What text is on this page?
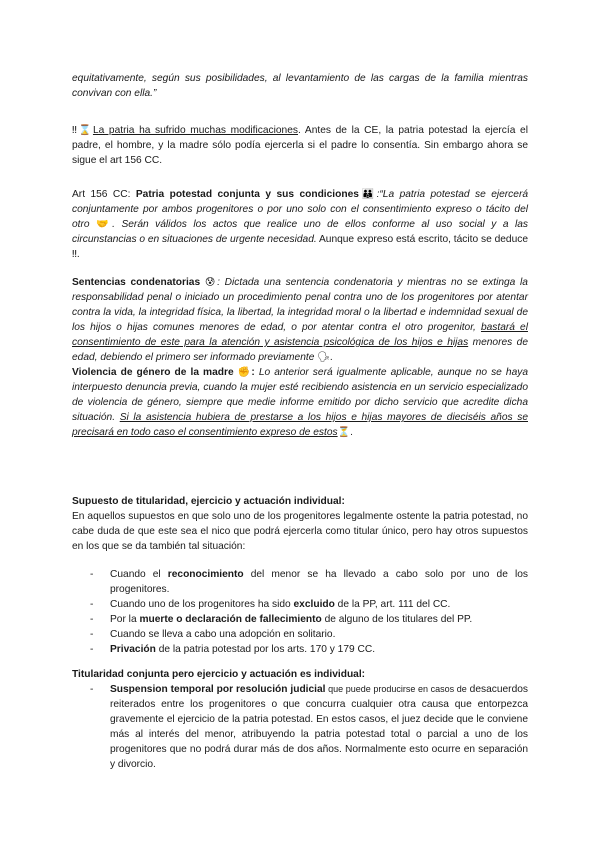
equitativamente, según sus posibilidades, al levantamiento de las cargas de la familia mientras convivan con ella.”

‼⌛La patria ha sufrido muchas modificaciones. Antes de la CE, la patria potestad la ejercía el padre, el hombre, y la madre sólo podía ejercerla si el padre lo consentía. Sin embargo ahora se sigue el art 156 CC.

Art 156 CC: Patria potestad conjunta y sus condiciones👪:“La patria potestad se ejercerá conjuntamente por ambos progenitores o por uno solo con el consentimiento expreso o tácito del otro 🤝. Serán válidos los actos que realice uno de ellos conforme al uso social y a las circunstancias o en situaciones de urgente necesidad. Aunque expreso está escrito, tácito se deduce ‼.

Sentencias condenatorias 😰: Dictada una sentencia condenatoria y mientras no se extinga la responsabilidad penal o iniciado un procedimiento penal contra uno de los progenitores por atentar contra la vida, la integridad física, la libertad, la integridad moral o la libertad e indemnidad sexual de los hijos o hijas comunes menores de edad, o por atentar contra el otro progenitor, bastará el consentimiento de este para la atención y asistencia psicológica de los hijos e hijas menores de edad, debiendo el primero ser informado previamente 🗣.

Violencia de género de la madre ✊: Lo anterior será igualmente aplicable, aunque no se haya interpuesto denuncia previa, cuando la mujer esté recibiendo asistencia en un servicio especializado de violencia de género, siempre que medie informe emitido por dicho servicio que acredite dicha situación. Si la asistencia hubiera de prestarse a los hijos e hijas mayores de dieciséis años se precisará en todo caso el consentimiento expreso de estos⏳.

Supuesto de titularidad, ejercicio y actuación individual:

En aquellos supuestos en que solo uno de los progenitores legalmente ostente la patria potestad, no cabe duda de que este sea el nico que podrá ejercerla como titular único, pero hay otros supuestos en los que se da también tal situación:

- Cuando el reconocimiento del menor se ha llevado a cabo solo por uno de los progenitores.
- Cuando uno de los progenitores ha sido excluido de la PP, art. 111 del CC.
- Por la muerte o declaración de fallecimiento de alguno de los titulares del PP.
- Cuando se lleva a cabo una adopción en solitario.
- Privación de la patria potestad por los arts. 170 y 179 CC.

Titularidad conjunta pero ejercicio y actuación es individual:

- Suspension temporal por resolución judicial que puede producirse en casos de desacuerdos reiterados entre los progenitores o que concurra cualquier otra causa que entorpezca gravemente el ejercicio de la patria potestad. En estos casos, el juez decide que le conviene más al interés del menor, atribuyendo la patria potestad total o parcial a uno de los progenitores que no podrá durar más de dos años. Normalmente esto ocurre en separación y divorcio.
